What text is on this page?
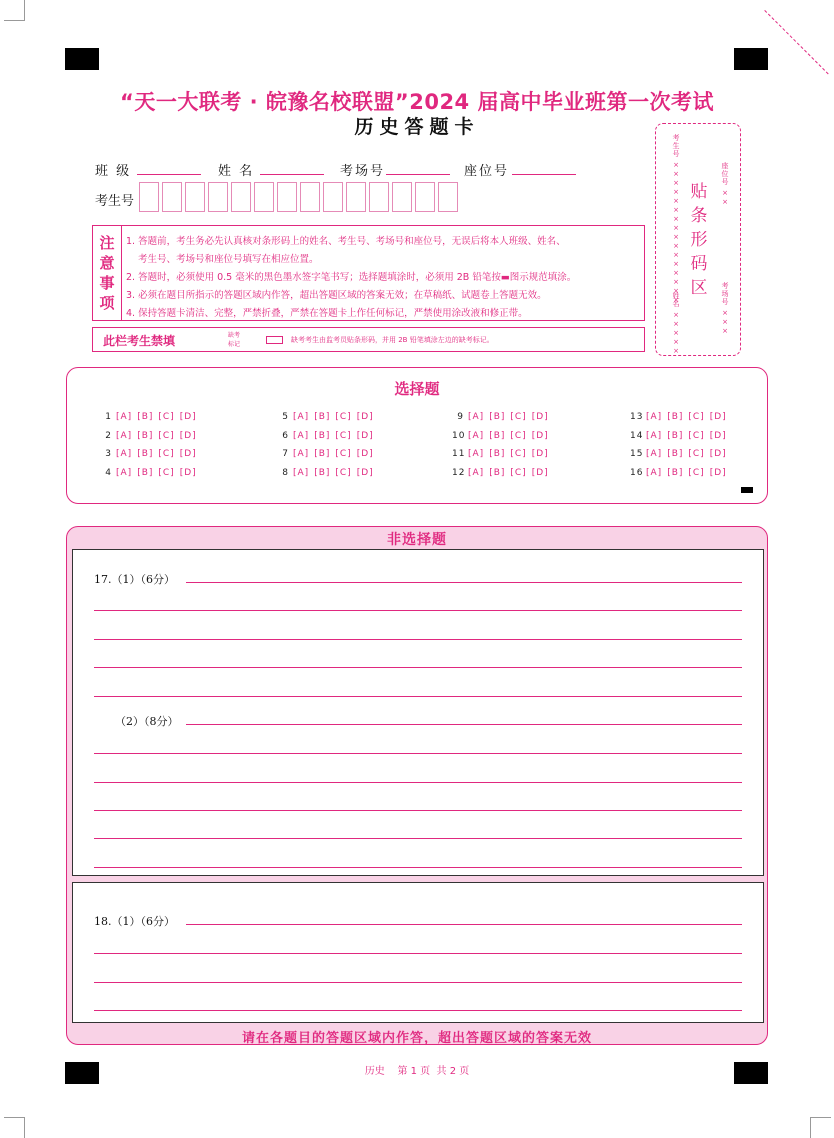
“天一大联考 · 皖豫名校联盟”2024 届高中毕业班第一次考试
历史答题卡
班 级	姓 名	考场号	座位号
考生号
注
意
事
项
1. 答题前，考生务必先认真核对条形码上的姓名、考生号、考场号和座位号，无误后将本人班级、姓名、
考生号、考场号和座位号填写在相应位置。
2. 答题时，必须使用 0.5 毫米的黑色墨水签字笔书写；选择题填涂时，必须用 2B 铅笔按▬图示规范填涂。
3. 必须在题目所指示的答题区域内作答，超出答题区域的答案无效；在草稿纸、试题卷上答题无效。
4. 保持答题卡清洁、完整，严禁折叠，严禁在答题卡上作任何标记，严禁使用涂改液和修正带。
此栏考生禁填	缺考
标记
缺考考生由监考员贴条形码，并用 2B 铅笔填涂左边的缺考标记。
贴
条
形
码
区
考生号 ××××××××××××××××
姓名 ×××××
座位号 ××
考场号 ×××
选择题
1 [A] [B] [C] [D]
2 [A] [B] [C] [D]
3 [A] [B] [C] [D]
4 [A] [B] [C] [D]
5 [A] [B] [C] [D]
6 [A] [B] [C] [D]
7 [A] [B] [C] [D]
8 [A] [B] [C] [D]
9 [A] [B] [C] [D]
10 [A] [B] [C] [D]
11 [A] [B] [C] [D]
12 [A] [B] [C] [D]
13 [A] [B] [C] [D]
14 [A] [B] [C] [D]
15 [A] [B] [C] [D]
16 [A] [B] [C] [D]
非选择题
17.（1）（6分）
（2）（8分）
18.（1）（6分）
请在各题目的答题区域内作答，超出答题区域的答案无效
历史    第 1 页  共 2 页
